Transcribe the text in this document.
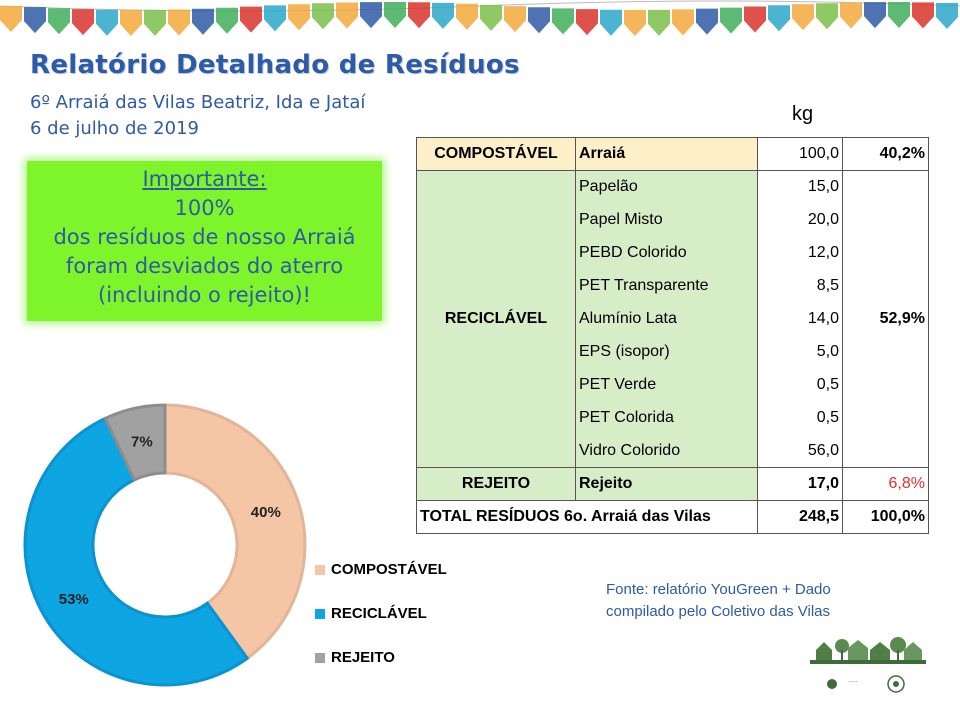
Relatório Detalhado de Resíduos
6º Arraiá das Vilas Beatriz, Ida e Jataí
6 de julho de 2019
Importante:
100%
dos resíduos de nosso Arraiá
foram desviados do aterro
(incluindo o rejeito)!
kg
COMPOSTÁVEL	Arraiá	100,0	40,2%
RECICLÁVEL	Papelão	15,0	52,9%
	Papel Misto	20,0	
	PEBD Colorido	12,0	
	PET Transparente	8,5	
	Alumínio Lata	14,0	
	EPS (isopor)	5,0	
	PET Verde	0,5	
	PET Colorida	0,5	
	Vidro Colorido	56,0	
REJEITO	Rejeito	17,0	6,8%
TOTAL RESÍDUOS 6o. Arraiá das Vilas		248,5	100,0%
40%
53%
7%
COMPOSTÁVEL
RECICLÁVEL
REJEITO
Fonte: relatório YouGreen + Dado
compilado pelo Coletivo das Vilas
·····
